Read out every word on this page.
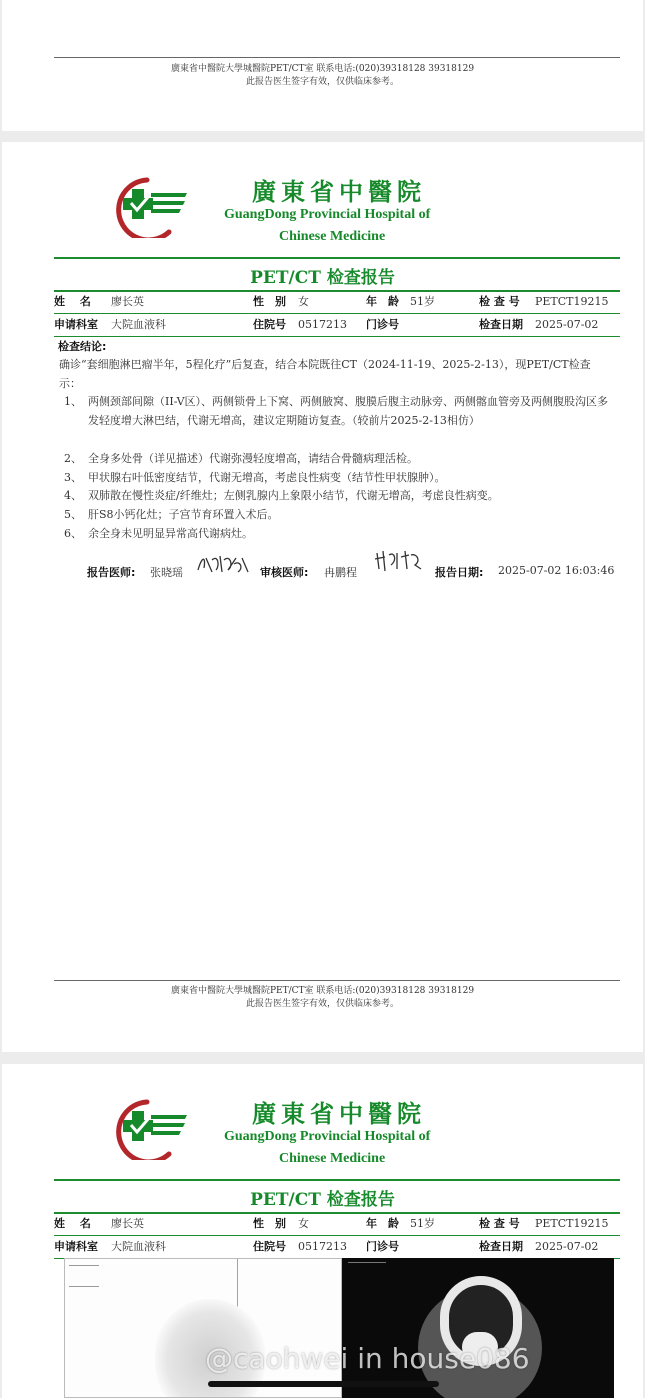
廣東省中醫院大學城醫院PET/CT室 联系电话:(020)39318128 39318129
此报告医生签字有效，仅供临床参考。
廣東省中醫院
GuangDong Provincial Hospital of
Chinese Medicine
PET/CT 检查报告
姓　 名 廖长英	性　别 女	年　龄 51岁	检 查 号 PETCT19215
申请科室 大院血液科	住院号 0517213 门诊号	检查日期 2025-07-02
检查结论:
确诊“套细胞淋巴瘤半年，5程化疗”后复查，结合本院既往CT（2024-11-19、2025-2-13），现PET/CT检查示：
1、 两侧颈部间隙（II-V区）、两侧锁骨上下窝、两侧腋窝、腹膜后腹主动脉旁、两侧髂血管旁及两侧腹股沟区多发轻度增大淋巴结，代谢无增高，建议定期随访复查。（较前片2025-2-13相仿）
2、 全身多处骨（详见描述）代谢弥漫轻度增高，请结合骨髓病理活检。
3、 甲状腺右叶低密度结节，代谢无增高，考虑良性病变（结节性甲状腺肿）。
4、 双肺散在慢性炎症/纤维灶；左侧乳腺内上象限小结节，代谢无增高，考虑良性病变。
5、 肝S8小钙化灶；子宫节育环置入术后。
6、 余全身未见明显异常高代谢病灶。
报告医师: 张晓瑶	审核医师: 冉鹏程	报告日期: 2025-07-02 16:03:46
廣東省中醫院大學城醫院PET/CT室 联系电话:(020)39318128 39318129
此报告医生签字有效，仅供临床参考。
廣東省中醫院
GuangDong Provincial Hospital of
Chinese Medicine
PET/CT 检查报告
姓　 名 廖长英	性　别 女	年　龄 51岁	检 查 号 PETCT19215
申请科室 大院血液科	住院号 0517213 门诊号	检查日期 2025-07-02
@caohwei in house086
